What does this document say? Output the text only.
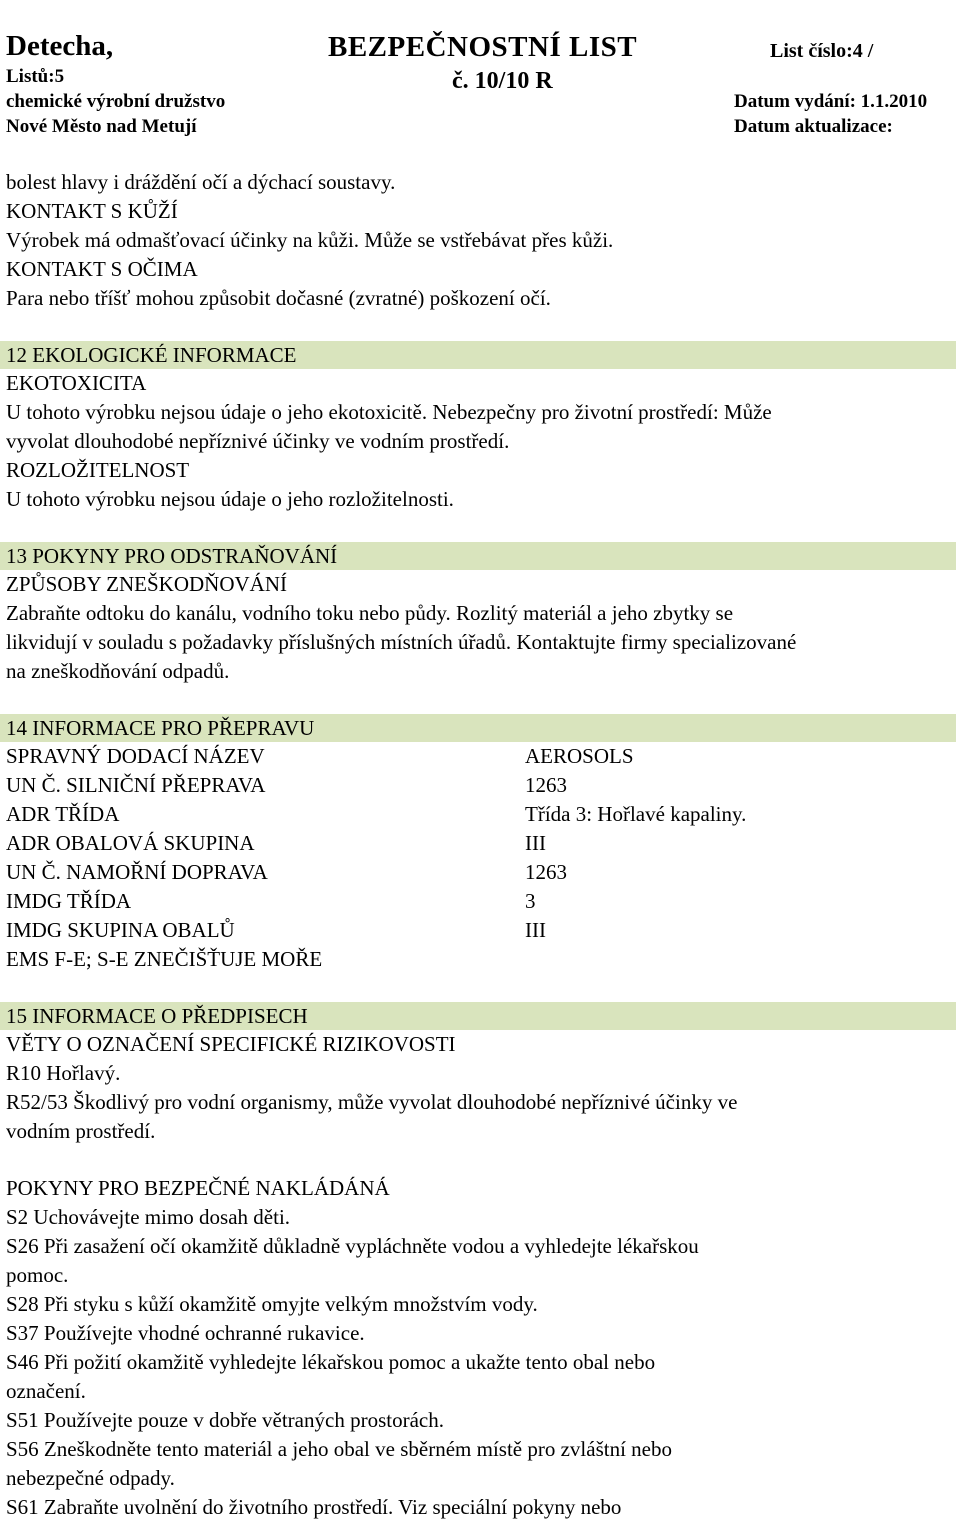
Detecha,
Listů:5
chemické výrobní družstvo
Nové Město nad Metují
BEZPEČNOSTNÍ LIST
č. 10/10 R
List číslo:4 /
Datum vydání: 1.1.2010
Datum aktualizace:
bolest hlavy i dráždění očí a dýchací soustavy.
KONTAKT S KŮŽÍ
Výrobek má odmašťovací účinky na kůži. Může se vstřebávat přes kůži.
KONTAKT S OČIMA
Para nebo tříšť mohou způsobit dočasné (zvratné) poškození očí.
12 EKOLOGICKÉ INFORMACE
EKOTOXICITA
U tohoto výrobku nejsou údaje o jeho ekotoxicitě. Nebezpečny pro životní prostředí: Může
vyvolat dlouhodobé nepříznivé účinky ve vodním prostředí.
ROZLOŽITELNOST
U tohoto výrobku nejsou údaje o jeho rozložitelnosti.
13 POKYNY PRO ODSTRAŇOVÁNÍ
ZPŮSOBY ZNEŠKODŇOVÁNÍ
Zabraňte odtoku do kanálu, vodního toku nebo půdy. Rozlitý materiál a jeho zbytky se
likvidují v souladu s požadavky příslušných místních úřadů. Kontaktujte firmy specializované
na zneškodňování odpadů.
14 INFORMACE PRO PŘEPRAVU
SPRAVNÝ DODACÍ NÁZEV	AEROSOLS
UN Č. SILNIČNÍ PŘEPRAVA	1263
ADR TŘÍDA	Třída 3: Hořlavé kapaliny.
ADR OBALOVÁ SKUPINA	III
UN Č. NAMOŘNÍ DOPRAVA	1263
IMDG TŘÍDA	3
IMDG SKUPINA OBALŮ	III
EMS F-E; S-E ZNEČIŠŤUJE MOŘE
15 INFORMACE O PŘEDPISECH
VĚTY O OZNAČENÍ SPECIFICKÉ RIZIKOVOSTI
R10 Hořlavý.
R52/53 Škodlivý pro vodní organismy, může vyvolat dlouhodobé nepříznivé účinky ve
vodním prostředí.
POKYNY PRO BEZPEČNÉ NAKLÁDÁNÁ
S2 Uchovávejte mimo dosah děti.
S26 Při zasažení očí okamžitě důkladně vypláchněte vodou a vyhledejte lékařskou
pomoc.
S28 Při styku s kůží okamžitě omyjte velkým množstvím vody.
S37 Používejte vhodné ochranné rukavice.
S46 Při požití okamžitě vyhledejte lékařskou pomoc a ukažte tento obal nebo
označení.
S51 Používejte pouze v dobře větraných prostorách.
S56 Zneškodněte tento materiál a jeho obal ve sběrném místě pro zvláštní nebo
nebezpečné odpady.
S61 Zabraňte uvolnění do životního prostředí. Viz speciální pokyny nebo
